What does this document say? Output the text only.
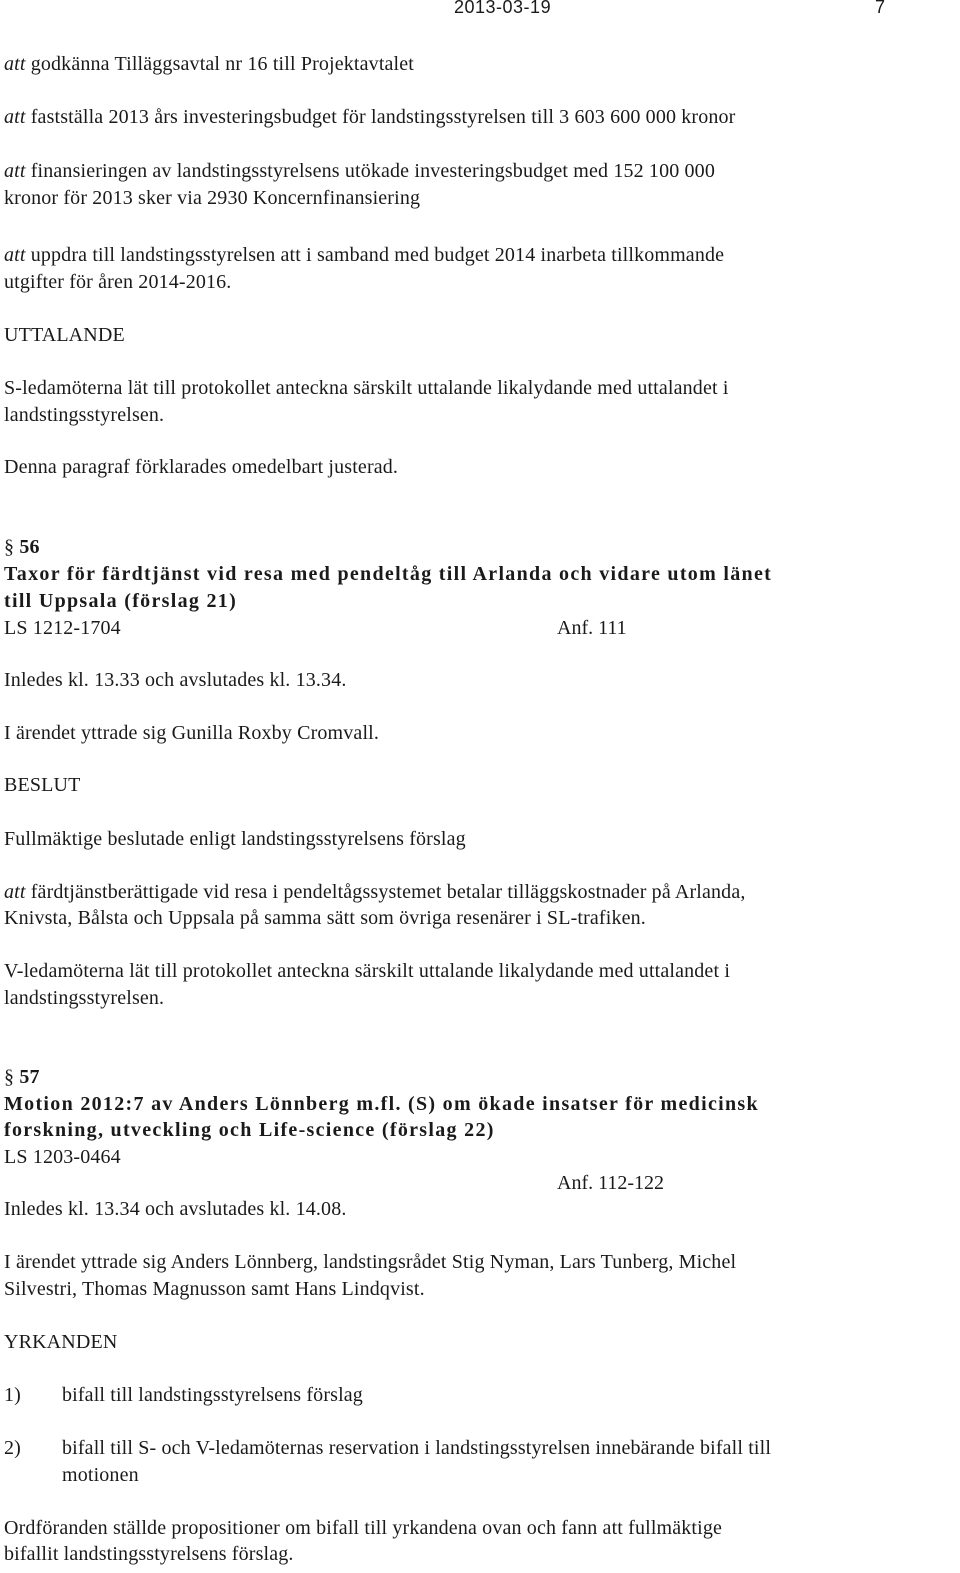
2013-03-19	7
att godkänna Tilläggsavtal nr 16 till Projektavtalet
att fastställa 2013 års investeringsbudget för landstingsstyrelsen till 3 603 600 000 kronor
att finansieringen av landstingsstyrelsens utökade investeringsbudget med 152 100 000
kronor för 2013 sker via 2930 Koncernfinansiering
att uppdra till landstingsstyrelsen att i samband med budget 2014 inarbeta tillkommande
utgifter för åren 2014-2016.
UTTALANDE
S-ledamöterna lät till protokollet anteckna särskilt uttalande likalydande med uttalandet i
landstingsstyrelsen.
Denna paragraf förklarades omedelbart justerad.
§ 56
Taxor för färdtjänst vid resa med pendeltåg till Arlanda och vidare utom länet
till Uppsala (förslag 21)
LS 1212-1704	Anf. 111
Inledes kl. 13.33 och avslutades kl. 13.34.
I ärendet yttrade sig Gunilla Roxby Cromvall.
BESLUT
Fullmäktige beslutade enligt landstingsstyrelsens förslag
att färdtjänstberättigade vid resa i pendeltågssystemet betalar tilläggskostnader på Arlanda,
Knivsta, Bålsta och Uppsala på samma sätt som övriga resenärer i SL-trafiken.
V-ledamöterna lät till protokollet anteckna särskilt uttalande likalydande med uttalandet i
landstingsstyrelsen.
§ 57
Motion 2012:7 av Anders Lönnberg m.fl. (S) om ökade insatser för medicinsk
forskning, utveckling och Life-science (förslag 22)
LS 1203-0464
Anf. 112-122
Inledes kl. 13.34 och avslutades kl. 14.08.
I ärendet yttrade sig Anders Lönnberg, landstingsrådet Stig Nyman, Lars Tunberg, Michel
Silvestri, Thomas Magnusson samt Hans Lindqvist.
YRKANDEN
1) bifall till landstingsstyrelsens förslag
2) bifall till S- och V-ledamöternas reservation i landstingsstyrelsen innebärande bifall till
motionen
Ordföranden ställde propositioner om bifall till yrkandena ovan och fann att fullmäktige
bifallit landstingsstyrelsens förslag.
